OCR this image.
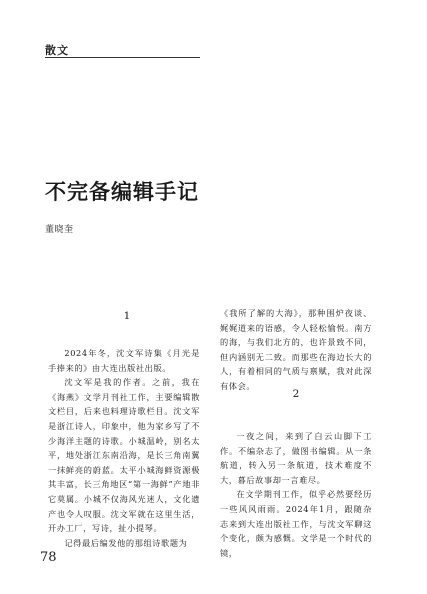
散文
不完备编辑手记
董晓奎
1

2024年冬，沈文军诗集《月光是手捧来的》由大连出版社出版。

沈文军是我的作者。之前，我在《海燕》文学月刊社工作，主要编辑散文栏目，后来也料理诗歌栏目。沈文军是浙江诗人，印象中，他为家乡写了不少海洋主题的诗歌。小城温岭，别名太平，地处浙江东南沿海，是长三角南翼一抹鲜亮的蔚蓝。太平小城海鲜资源极其丰富，长三角地区“第一海鲜”产地非它莫属。小城不仅海风光迷人，文化遗产也令人叹服。沈文军就在这里生活，开办工厂，写诗，扯小提琴。

记得最后编发他的那组诗歌题为

《我所了解的大海》，那种围炉夜谈、娓娓道来的语感，令人轻松愉悦。南方的海，与我们北方的，也许景致不同，但内涵别无二致。而那些在海边长大的人，有着相同的气质与禀赋，我对此深有体会。

2

一夜之间，来到了白云山脚下工作。不编杂志了，做图书编辑。从一条航道，转入另一条航道，技术难度不大，暮后故事却一言难尽。

在文学期刊工作，似乎必然要经历一些风风雨雨。2024年1月，跟随杂志来到大连出版社工作，与沈文军聊这个变化，颇为感慨。文学是一个时代的镜，

78
